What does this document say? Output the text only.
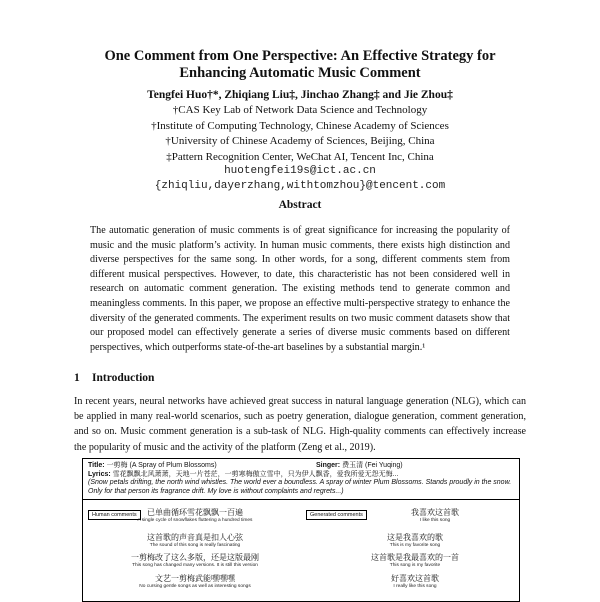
One Comment from One Perspective: An Effective Strategy for
Enhancing Automatic Music Comment
Tengfei Huo†*, Zhiqiang Liu‡, Jinchao Zhang‡ and Jie Zhou‡
†CAS Key Lab of Network Data Science and Technology
†Institute of Computing Technology, Chinese Academy of Sciences
†University of Chinese Academy of Sciences, Beijing, China
‡Pattern Recognition Center, WeChat AI, Tencent Inc, China
huotengfei19s@ict.ac.cn
{zhiqliu,dayerzhang,withtomzhou}@tencent.com
Abstract
The automatic generation of music comments is of great significance for increasing the popularity of music and the music platform’s activity. In human music comments, there exists high distinction and diverse perspectives for the same song. In other words, for a song, different comments stem from different musical perspectives. However, to date, this characteristic has not been considered well in research on automatic comment generation. The existing methods tend to generate common and meaningless comments. In this paper, we propose an effective multi-perspective strategy to enhance the diversity of the generated comments. The experiment results on two music comment datasets show that our proposed model can effectively generate a series of diverse music comments based on different perspectives, which outperforms state-of-the-art baselines by a substantial margin.¹
1 Introduction
In recent years, neural networks have achieved great success in natural language generation (NLG), which can be applied in many real-world scenarios, such as poetry generation, dialogue generation, comment generation, and so on. Music comment generation is a sub-task of NLG. High-quality comments can effectively increase the popularity of music and the activity of the platform (Zeng et al., 2019).
Title: 一剪梅 (A Spray of Plum Blossoms)	Singer: 费玉清 (Fei Yuqing)
Lyrics: 雪花飘飘北风萧萧，天地一片苍茫，一剪寒梅傲立雪中，只为伊人飘香，爱我所爱无怨无悔...
(Snow petals drifting, the north wind whistles. The world ever a boundless. A spray of winter Plum Blossoms. Stands proudly in the snow.
Only for that person its fragrance drift. My love is without complaints and regrets...)
Human comments	Generated comments
已单曲循环雪花飘飘一百遍
A single cycle of snowflakes fluttering a hundred times
这首歌的声音真是扣人心弦
The sound of this song is really fascinating
一剪梅改了这么多版，还是这版最刚
This song has changed many versions. It is still this version
文艺一剪梅武能嘿嘿嘿
No cursing gentle songs as well as interesting songs
我喜欢这首歌
I like this song
这是我喜欢的歌
This is my favorite song
这首歌是我最喜欢的一首
This song is my favorite
好喜欢这首歌
I really like this song
